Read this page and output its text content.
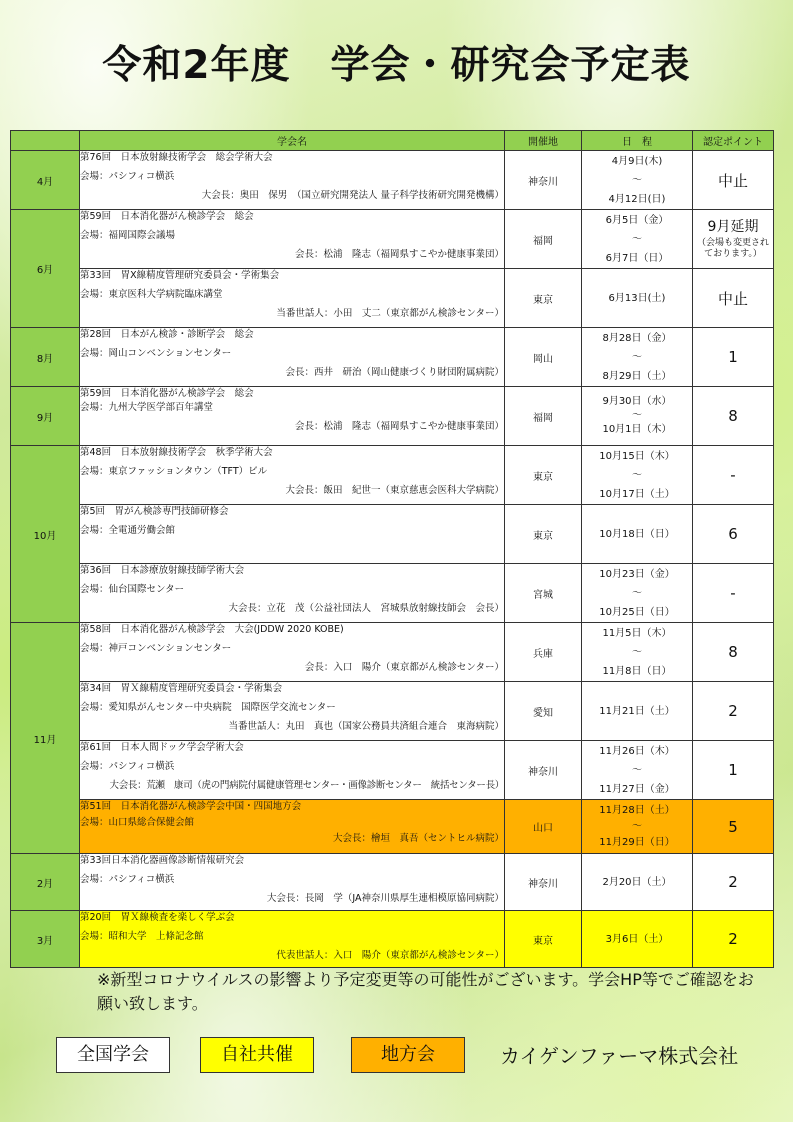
令和2年度　学会・研究会予定表
	学会名	開催地	日　程	認定ポイント
4月	第76回　日本放射線技術学会　総会学術大会
会場：パシフィコ横浜
大会長：奥田　保男　（国立研究開発法人 量子科学技術研究開発機構）	神奈川	4月9日(木)
～
4月12日(日)	中止
6月	第59回　日本消化器がん検診学会　総会
会場：福岡国際会議場
会長：松浦　隆志（福岡県すこやか健康事業団）	福岡	6月5日（金）
～
6月7日（日）	9月延期
（会場も変更されております。）

	第33回　胃X線精度管理研究委員会・学術集会
会場：東京医科大学病院臨床講堂
当番世話人：小田　丈二（東京都がん検診センター）	東京	6月13日(土)	中止
8月	第28回　日本がん検診・診断学会　総会
会場：岡山コンベンションセンター
会長：西井　研治（岡山健康づくり財団附属病院）	岡山	8月28日（金）
～
8月29日（土）	1
9月	第59回　日本消化器がん検診学会　総会
会場：九州大学医学部百年講堂
会長：松浦　隆志（福岡県すこやか健康事業団）	福岡	9月30日（水）
～
10月1日（木）	8
10月	第48回　日本放射線技術学会　秋季学術大会
会場：東京ファッションタウン（TFT）ビル
大会長：飯田　紀世一（東京慈恵会医科大学病院）	東京	10月15日（木）
～
10月17日（土）	-

	第5回　胃がん検診専門技師研修会
会場：全電通労働会館	東京	10月18日（日）	6

	第36回　日本診療放射線技師学術大会
会場：仙台国際センター
大会長：立花　茂（公益社団法人　宮城県放射線技師会　会長）	宮城	10月23日（金）
～
10月25日（日）	-
11月	第58回　日本消化器がん検診学会　大会(JDDW 2020 KOBE)
会場：神戸コンベンションセンター
会長：入口　陽介（東京都がん検診センター）	兵庫	11月5日（木）
～
11月8日（日）	8

	第34回　胃Ｘ線精度管理研究委員会・学術集会
会場：愛知県がんセンター中央病院　国際医学交流センター
当番世話人：丸田　真也（国家公務員共済組合連合　東海病院）	愛知	11月21日（土）	2

	第61回　日本人間ドック学会学術大会
会場：パシフィコ横浜
大会長：荒瀬　康司（虎の門病院付属健康管理センター・画像診断センター　統括センター長）	神奈川	11月26日（木）
～
11月27日（金）	1

	第51回　日本消化器がん検診学会中国・四国地方会
会場：山口県総合保健会館
大会長：檜垣　真吾（セントヒル病院）	山口	11月28日（土）
～
11月29日（日）	5
2月	第33回日本消化器画像診断情報研究会
会場：パシフィコ横浜
大会長：長岡　学（JA神奈川県厚生連相模原協同病院）	神奈川	2月20日（土）	2
3月	第20回　胃Ｘ線検査を楽しく学ぶ会
会場：昭和大学　上條記念館
代表世話人：入口　陽介（東京都がん検診センター）	東京	3月6日（土）	2
※新型コロナウイルスの影響より予定変更等の可能性がございます。学会HP等でご確認をお願い致します。
全国学会	自社共催	地方会	カイゲンファーマ株式会社
